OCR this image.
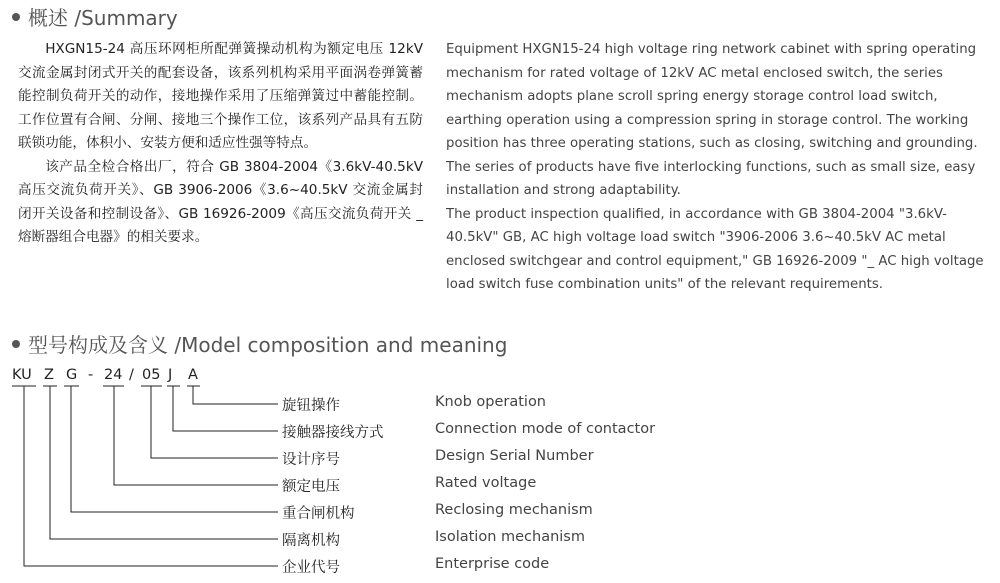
概述 /Summary

HXGN15-24 高压环网柜所配弹簧操动机构为额定电压 12kV 交流金属封闭式开关的配套设备，该系列机构采用平面涡卷弹簧蓄能控制负荷开关的动作，接地操作采用了压缩弹簧过中蓄能控制。工作位置有合闸、分闸、接地三个操作工位，该系列产品具有五防联锁功能，体积小、安装方便和适应性强等特点。

该产品全检合格出厂，符合 GB 3804-2004《3.6kV-40.5kV 高压交流负荷开关》、GB 3906-2006《3.6~40.5kV 交流金属封闭开关设备和控制设备》、GB 16926-2009《高压交流负荷开关 _ 熔断器组合电器》的相关要求。

Equipment HXGN15-24 high voltage ring network cabinet with spring operating mechanism for rated voltage of 12kV AC metal enclosed switch, the series mechanism adopts plane scroll spring energy storage control load switch, earthing operation using a compression spring in storage control. The working position has three operating stations, such as closing, switching and grounding. The series of products have five interlocking functions, such as small size, easy installation and strong adaptability.

The product inspection qualified, in accordance with GB 3804-2004 "3.6kV-40.5kV" GB, AC high voltage load switch "3906-2006 3.6~40.5kV AC metal enclosed switchgear and control equipment," GB 16926-2009 "_ AC high voltage load switch fuse combination units" of the relevant requirements.

型号构成及含义 /Model composition and meaning
KU Z G - 24 / 05 J A
旋钮操作	Knob operation
接触器接线方式	Connection mode of contactor
设计序号	Design Serial Number
额定电压	Rated voltage
重合闸机构	Reclosing mechanism
隔离机构	Isolation mechanism
企业代号	Enterprise code
